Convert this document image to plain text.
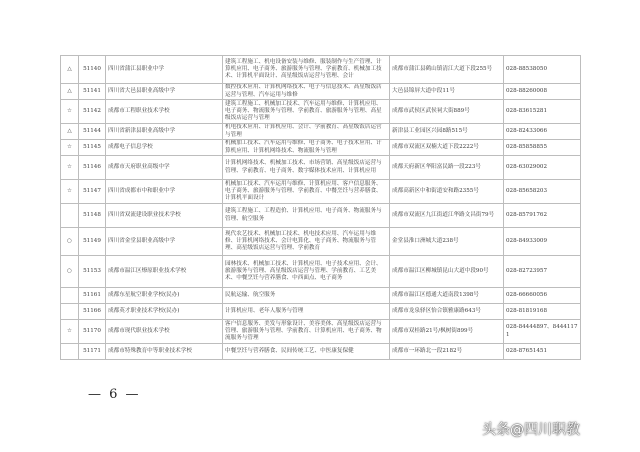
△	51140	四川省蒲江县职业中学	建筑工程施工、机电设备安装与维修、服装制作与生产管理、计算机应用、电子商务、旅游服务与管理、学前教育、机械加工技术、计算机平面设计、高星级饭店运营与管理、会计	成都市蒲江县鹤山镇清江大道下段255号	028-88538050
△	51141	四川省大邑县职业高级中学	数控技术应用、计算机网络技术、电子与信息技术、高星级饭店运营与管理、汽车运用与维修	大邑县锦屏大道中段11号	028-88260008
☆	51142	成都市工程职业技术学校	建筑工程施工、机械加工技术、汽车运用与维修、计算机应用、电子商务、物流服务与管理、学前教育、旅游服务与管理、高星级饭店运营与管理	成都市武侯区武侯祠大街889号	028-83615281
△	51144	四川省新津县职业高级中学	机电技术应用、计算机应用、会计、学前教育、高星级饭店运营与管理	新津县工业园区兴园8路515号	028-82433066
☆	51145	成都电子信息学校	机械加工技术、汽车运用与维修、电子商务、电子技术应用、计算机应用、计算机网络技术、物流服务与管理	成都市双流区双楠大道下段2222号	028-85858855
☆	51146	成都市天府职业高级中学	计算机网络技术、机械加工技术、市场营销、高星级饭店运营与管理、学前教育、电子商务、数字媒体技术应用、计算机应用	成都天府新区华阳富民路一段223号	028-63029002
☆	51147	四川省成都市中和职业中学	机械加工技术、汽车运用与维修、计算机应用、客户信息服务、电子商务、旅游服务与管理、学前教育、中餐烹饪与营养膳食、计算机平面设计	成都高新区中和街道安和路2355号	028-85658203
	51148	四川省双流建设职业技术学校	建筑工程施工、工程造价、计算机应用、电子商务、物流服务与管理、航空服务	成都市双流区九江街道江华路文昌街79号	028-85791762
○	51149	四川省金堂县职业高级中学	现代农艺技术、机械加工技术、机电技术应用、汽车运用与维修、计算机网络技术、会计电算化、电子商务、物流服务与管理、高星级饭店运营与管理、学前教育	金堂县淮口洲城大道238号	028-84933009
○	51153	成都市温江区燎原职业技术学校	园林技术、机械加工技术、计算机应用、电子技术应用、会计、旅游服务与管理、高星级饭店运营与管理、学前教育、工艺美术、中餐烹饪与营养膳食、中西面点、电子商务	成都市温江区柳城镇昆山大道中段90号	028-82723957
	51161	成都东星航空职业学校(民办)	民航运输、航空服务	成都市温江区德通大道南段1398号	028-66660056
	51166	成都英才职业技术学校(民办)	计算机应用、老年人服务与管理	成都市龙泉驿区怡合镇雅康路643号	028-81819168
☆	51170	成都市现代职业技术学校	客户信息服务、美发与形象设计、美容美体、高星级饭店运营与管理、旅游服务与管理、学前教育、计算机应用、电子商务、物流服务与管理	成都市双桂路21号/枫树街899号	028-84444897、84441171
	51171	成都市特殊教育中等职业技术学校	中餐烹饪与营养膳食、民间传统工艺、中医康复保健	成都市一环路北一段2182号	028-87651451
— 6 —
头条@四川职教
